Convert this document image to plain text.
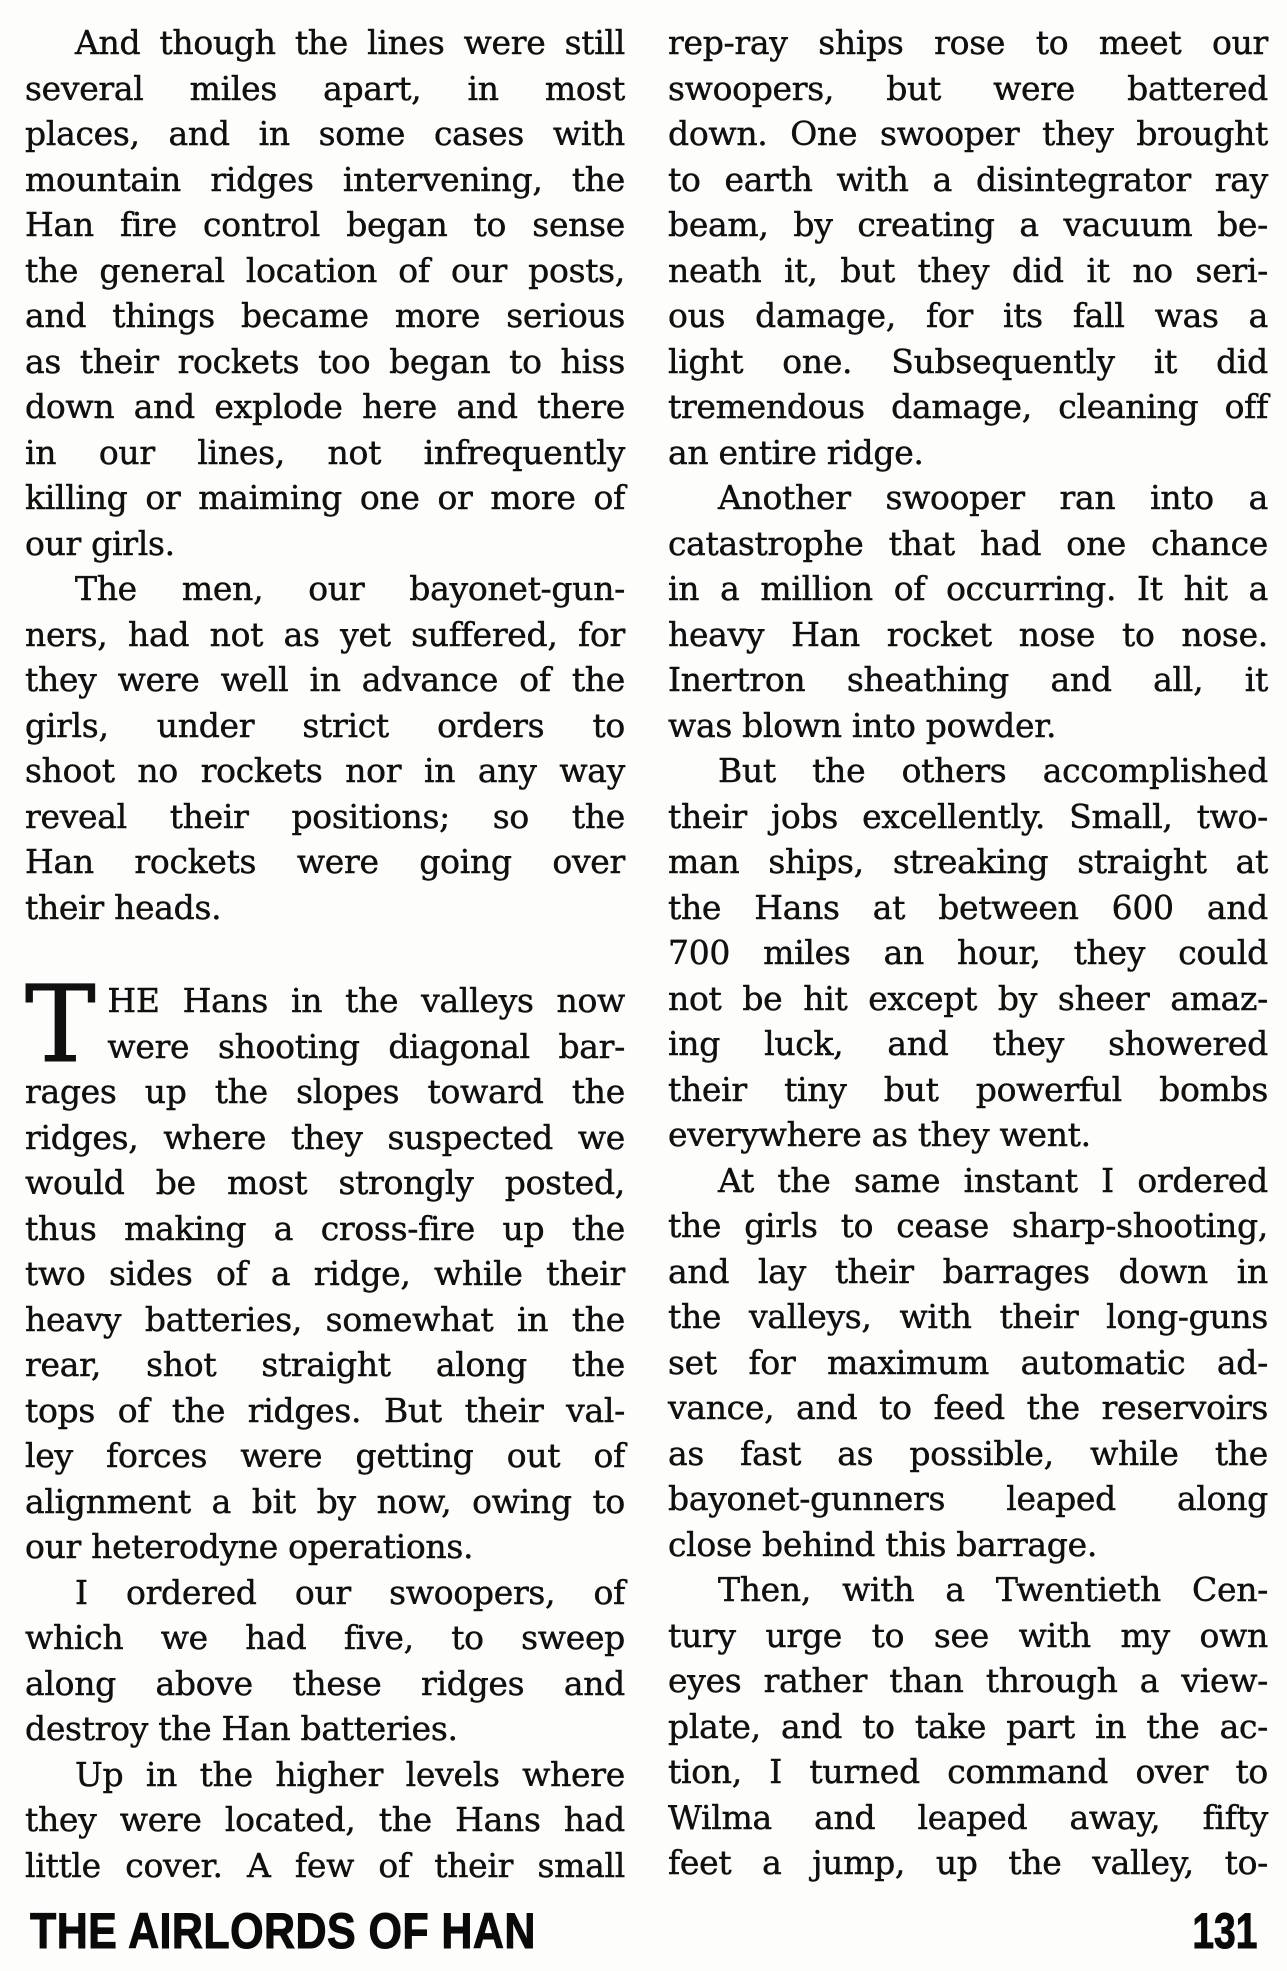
And though the lines were still
several miles apart, in most
places, and in some cases with
mountain ridges intervening, the
Han fire control began to sense
the general location of our posts,
and things became more serious
as their rockets too began to hiss
down and explode here and there
in our lines, not infrequently
killing or maiming one or more of
our girls.
The men, our bayonet-gun-
ners, had not as yet suffered, for
they were well in advance of the
girls, under strict orders to
shoot no rockets nor in any way
reveal their positions; so the
Han rockets were going over
their heads.
T HE Hans in the valleys now
were shooting diagonal bar-
rages up the slopes toward the
ridges, where they suspected we
would be most strongly posted,
thus making a cross-fire up the
two sides of a ridge, while their
heavy batteries, somewhat in the
rear, shot straight along the
tops of the ridges. But their val-
ley forces were getting out of
alignment a bit by now, owing to
our heterodyne operations.
I ordered our swoopers, of
which we had five, to sweep
along above these ridges and
destroy the Han batteries.
Up in the higher levels where
they were located, the Hans had
little cover. A few of their small
rep-ray ships rose to meet our
swoopers, but were battered
down. One swooper they brought
to earth with a disintegrator ray
beam, by creating a vacuum be-
neath it, but they did it no seri-
ous damage, for its fall was a
light one. Subsequently it did
tremendous damage, cleaning off
an entire ridge.
Another swooper ran into a
catastrophe that had one chance
in a million of occurring. It hit a
heavy Han rocket nose to nose.
Inertron sheathing and all, it
was blown into powder.
But the others accomplished
their jobs excellently. Small, two-
man ships, streaking straight at
the Hans at between 600 and
700 miles an hour, they could
not be hit except by sheer amaz-
ing luck, and they showered
their tiny but powerful bombs
everywhere as they went.
At the same instant I ordered
the girls to cease sharp-shooting,
and lay their barrages down in
the valleys, with their long-guns
set for maximum automatic ad-
vance, and to feed the reservoirs
as fast as possible, while the
bayonet-gunners leaped along
close behind this barrage.
Then, with a Twentieth Cen-
tury urge to see with my own
eyes rather than through a view-
plate, and to take part in the ac-
tion, I turned command over to
Wilma and leaped away, fifty
feet a jump, up the valley, to-
THE AIRLORDS OF HAN	131
